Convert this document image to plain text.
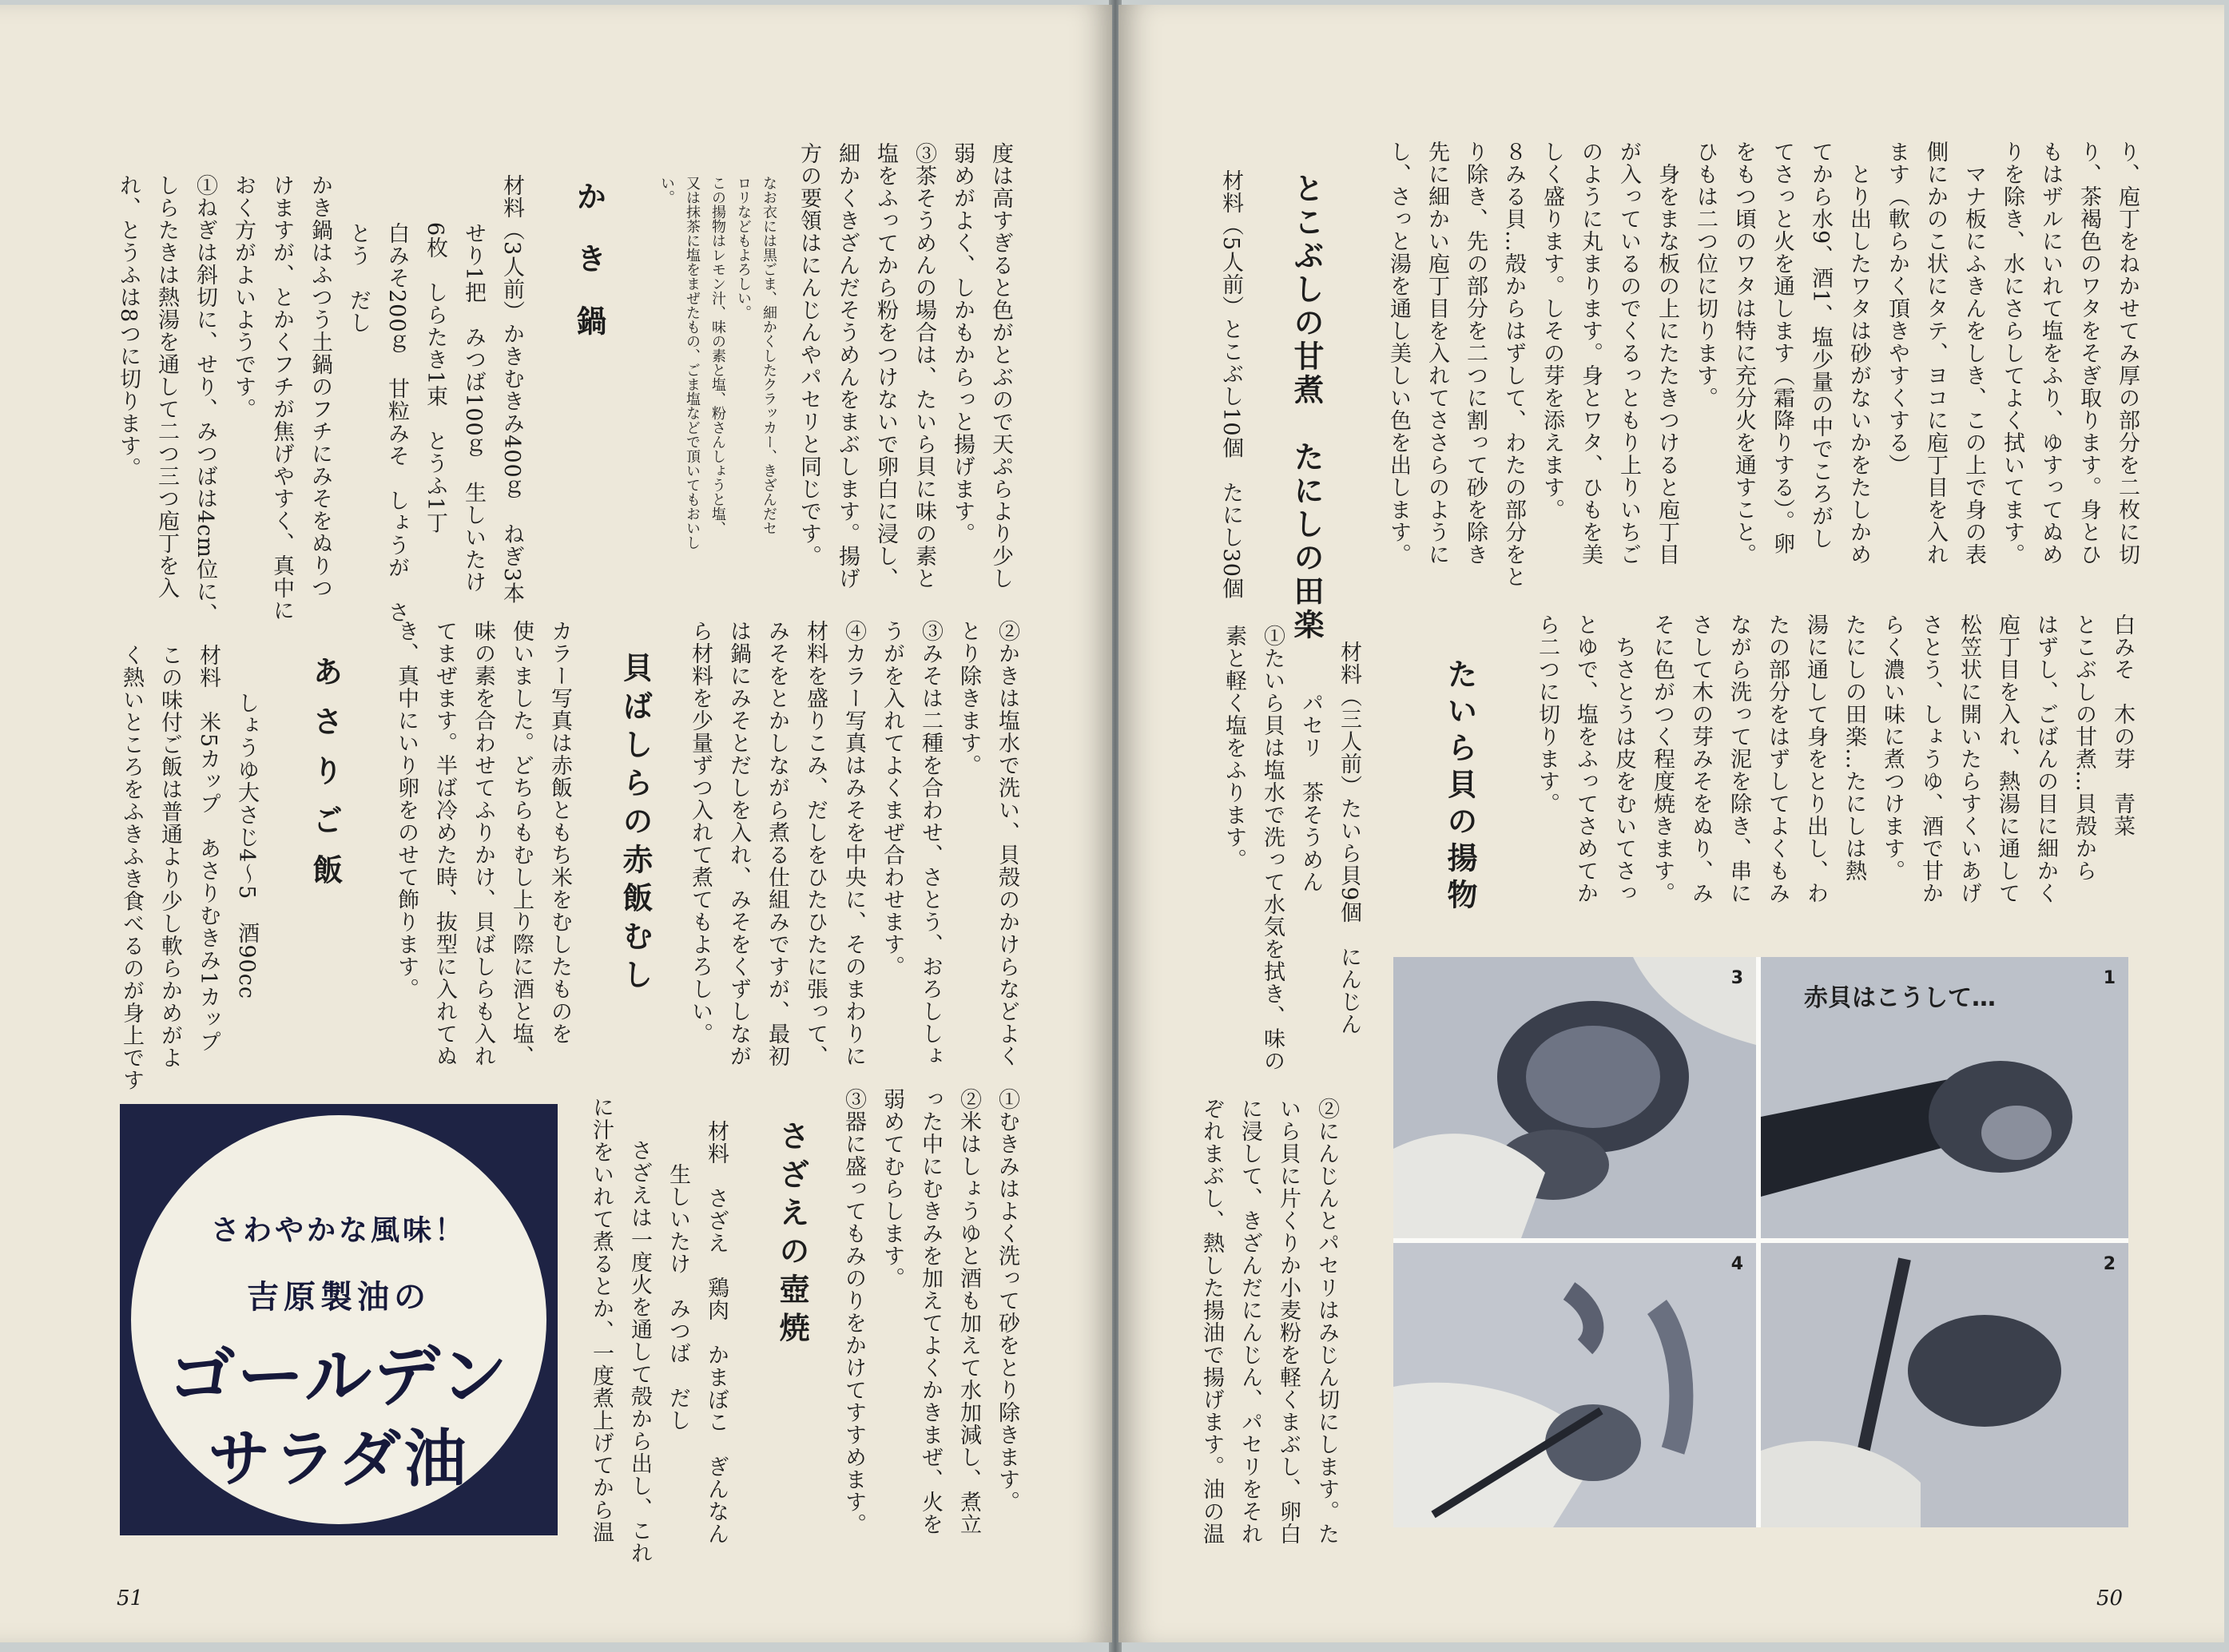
度は高すぎると色がとぶので天ぷらより少し
弱めがよく、しかもからっと揚げます。
③茶そうめんの場合は、たいら貝に味の素と
塩をふってから粉をつけないで卵白に浸し、
細かくきざんだそうめんをまぶします。揚げ
方の要領はにんじんやパセリと同じです。
なお衣には黒ごま、細かくしたクラッカー、きざんだセ
ロリなどもよろしい。
この揚物はレモン汁、味の素と塩、粉さんしょうと塩、
又は抹茶に塩をまぜたもの、ごま塩などで頂いてもおいし
い。
かき鍋
材料（3人前）かきむきみ400ｇ　ねぎ3本
せり1把　みつば100ｇ　生しいたけ
6枚　しらたき1束　とうふ1丁
白みそ200ｇ　甘粒みそ　しょうが　さ
とう　だし
かき鍋はふつう土鍋のフチにみそをぬりつ
けますが、とかくフチが焦げやすく、真中に
おく方がよいようです。
①ねぎは斜切に、せり、みつばは4cm位に、
しらたきは熱湯を通して二つ三つ庖丁を入
れ、とうふは8つに切ります。
②かきは塩水で洗い、貝殻のかけらなどよく
とり除きます。
③みそは二種を合わせ、さとう、おろししょ
うがを入れてよくまぜ合わせます。
④カラー写真はみそを中央に、そのまわりに
材料を盛りこみ、だしをひたひたに張って、
みそをとかしながら煮る仕組みですが、最初
は鍋にみそとだしを入れ、みそをくずしなが
ら材料を少量ずつ入れて煮てもよろしい。
貝ばしらの赤飯むし
カラー写真は赤飯ともち米をむしたものを
使いました。どちらもむし上り際に酒と塩、
味の素を合わせてふりかけ、貝ばしらも入れ
てまぜます。半ば冷めた時、抜型に入れてぬ
き、真中にいり卵をのせて飾ります。
あさりご飯
しょうゆ大さじ4〜5　酒90cc
材料　米5カップ　あさりむきみ1カップ
この味付ご飯は普通より少し軟らかめがよ
く熱いところをふきふき食べるのが身上です
①むきみはよく洗って砂をとり除きます。
②米はしょうゆと酒も加えて水加減し、煮立
った中にむきみを加えてよくかきまぜ、火を
弱めてむらします。
③器に盛ってもみのりをかけてすすめます。
さざえの壺焼
材料　さざえ　鶏肉　かまぼこ　ぎんなん
生しいたけ　みつば　だし
さざえは一度火を通して殻から出し、これ
に汁をいれて煮るとか、一度煮上げてから温
さわやかな風味！
吉原製油の
ゴールデン
サラダ油
51
り、庖丁をねかせてみ厚の部分を二枚に切
り、茶褐色のワタをそぎ取ります。身とひ
もはザルにいれて塩をふり、ゆすってぬめ
りを除き、水にさらしてよく拭いてます。
マナ板にふきんをしき、この上で身の表
側にかのこ状にタテ、ヨコに庖丁目を入れ
ます（軟らかく頂きやすくする）
とり出したワタは砂がないかをたしかめ
てから水9、酒1、塩少量の中でころがし
てさっと火を通します（霜降りする）。卵
をもつ頃のワタは特に充分火を通すこと。
ひもは二つ位に切ります。
身をまな板の上にたたきつけると庖丁目
が入っているのでくるっともり上りいちご
のように丸まります。身とワタ、ひもを美
しく盛ります。しその芽を添えます。
８みる貝…殻からはずして、わたの部分をと
り除き、先の部分を二つに割って砂を除き
先に細かい庖丁目を入れてささらのように
し、さっと湯を通し美しい色を出します。
とこぶしの甘煮　たにしの田楽
材料（5人前）とこぶし10個　たにし30個
白みそ　木の芽　青菜
とこぶしの甘煮…貝殻から
はずし、ごばんの目に細かく
庖丁目を入れ、熱湯に通して
松笠状に開いたらすくいあげ
さとう、しょうゆ、酒で甘か
らく濃い味に煮つけます。
たにしの田楽…たにしは熱
湯に通して身をとり出し、わ
たの部分をはずしてよくもみ
ながら洗って泥を除き、串に
さして木の芽みそをぬり、み
そに色がつく程度焼きます。
ちさとうは皮をむいてさっ
とゆで、塩をふってさめてか
ら二つに切ります。
たいら貝の揚物
材料（三人前）たいら貝9個　にんじん
パセリ　茶そうめん
①たいら貝は塩水で洗って水気を拭き、味の
素と軽く塩をふります。
②にんじんとパセリはみじん切にします。た
いら貝に片くりか小麦粉を軽くまぶし、卵白
に浸して、きざんだにんじん、パセリをそれ
ぞれまぶし、熱した揚油で揚げます。油の温
50
3
赤貝はこうして…
1
4	2
